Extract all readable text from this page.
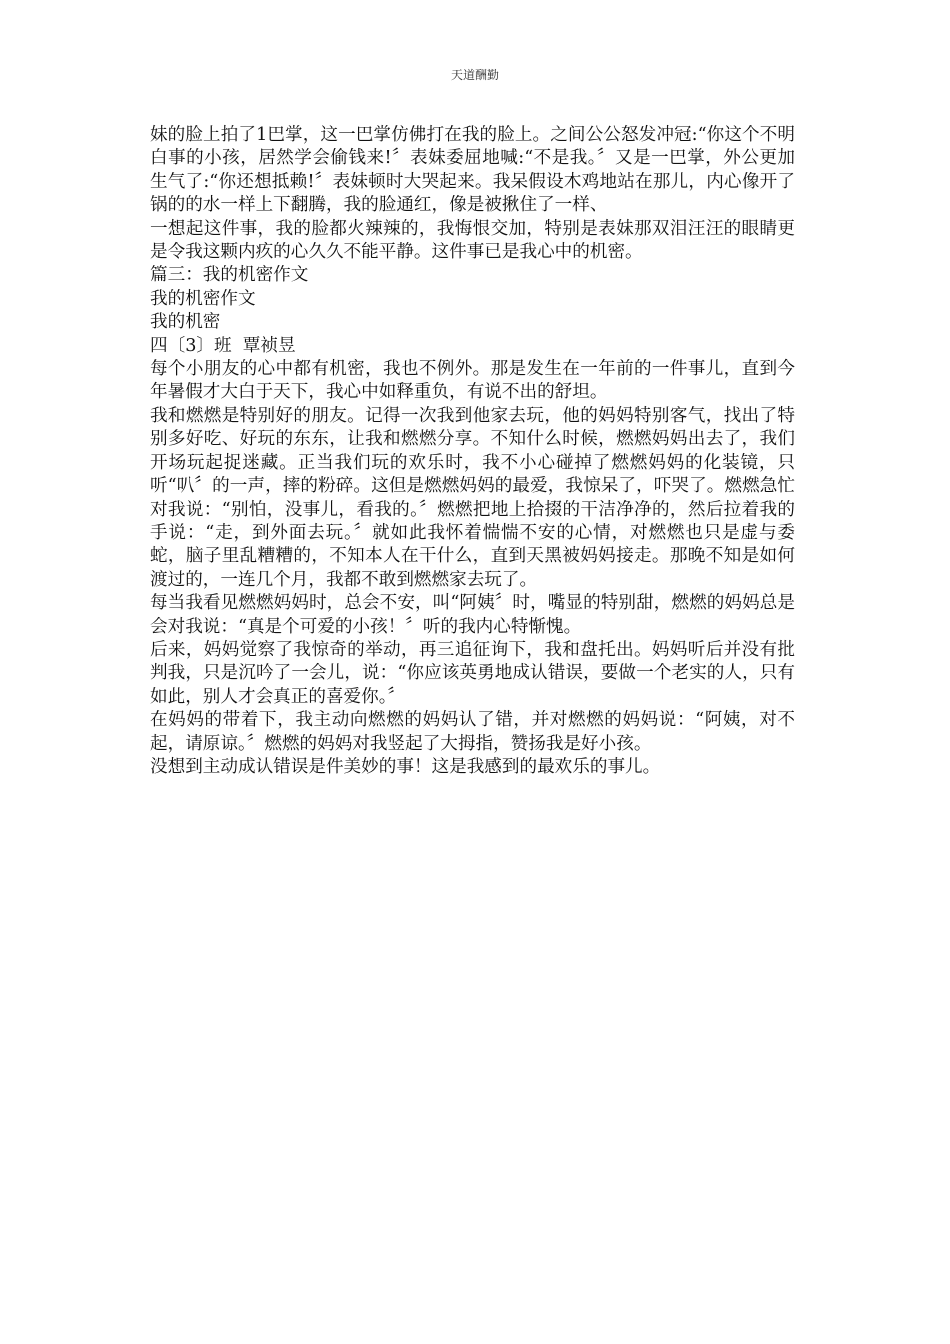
天道酬勤

妹的脸上拍了1巴掌，这一巴掌仿佛打在我的脸上。之间公公怒发冲冠:“你这个不明白事的小孩，居然学会偷钱来!〞表妹委屈地喊:“不是我。〞又是一巴掌，外公更加生气了:“你还想抵赖!〞表妹顿时大哭起来。我呆假设木鸡地站在那儿，内心像开了锅的的水一样上下翻腾，我的脸通红，像是被揪住了一样、

一想起这件事，我的脸都火辣辣的，我悔恨交加，特别是表妹那双泪汪汪的眼睛更是令我这颗内疚的心久久不能平静。这件事已是我心中的机密。

篇三：我的机密作文

我的机密作文

我的机密

四〔3〕班  覃祯昱

每个小朋友的心中都有机密，我也不例外。那是发生在一年前的一件事儿，直到今年暑假才大白于天下，我心中如释重负，有说不出的舒坦。

我和燃燃是特别好的朋友。记得一次我到他家去玩，他的妈妈特别客气，找出了特别多好吃、好玩的东东，让我和燃燃分享。不知什么时候，燃燃妈妈出去了，我们开场玩起捉迷藏。正当我们玩的欢乐时，我不小心碰掉了燃燃妈妈的化装镜，只听“叭〞的一声，摔的粉碎。这但是燃燃妈妈的最爱，我惊呆了，吓哭了。燃燃急忙对我说：“别怕，没事儿，看我的。〞燃燃把地上拾掇的干洁净净的，然后拉着我的手说：“走，到外面去玩。〞就如此我怀着惴惴不安的心情，对燃燃也只是虚与委蛇，脑子里乱糟糟的，不知本人在干什么，直到天黑被妈妈接走。那晚不知是如何渡过的，一连几个月，我都不敢到燃燃家去玩了。

每当我看见燃燃妈妈时，总会不安，叫“阿姨〞时，嘴显的特别甜，燃燃的妈妈总是会对我说：“真是个可爱的小孩！〞听的我内心特惭愧。

后来，妈妈觉察了我惊奇的举动，再三追征询下，我和盘托出。妈妈听后并没有批判我，只是沉吟了一会儿，说：“你应该英勇地成认错误，要做一个老实的人，只有如此，别人才会真正的喜爱你。〞

在妈妈的带着下，我主动向燃燃的妈妈认了错，并对燃燃的妈妈说：“阿姨，对不起，请原谅。〞燃燃的妈妈对我竖起了大拇指，赞扬我是好小孩。

没想到主动成认错误是件美妙的事！这是我感到的最欢乐的事儿。
